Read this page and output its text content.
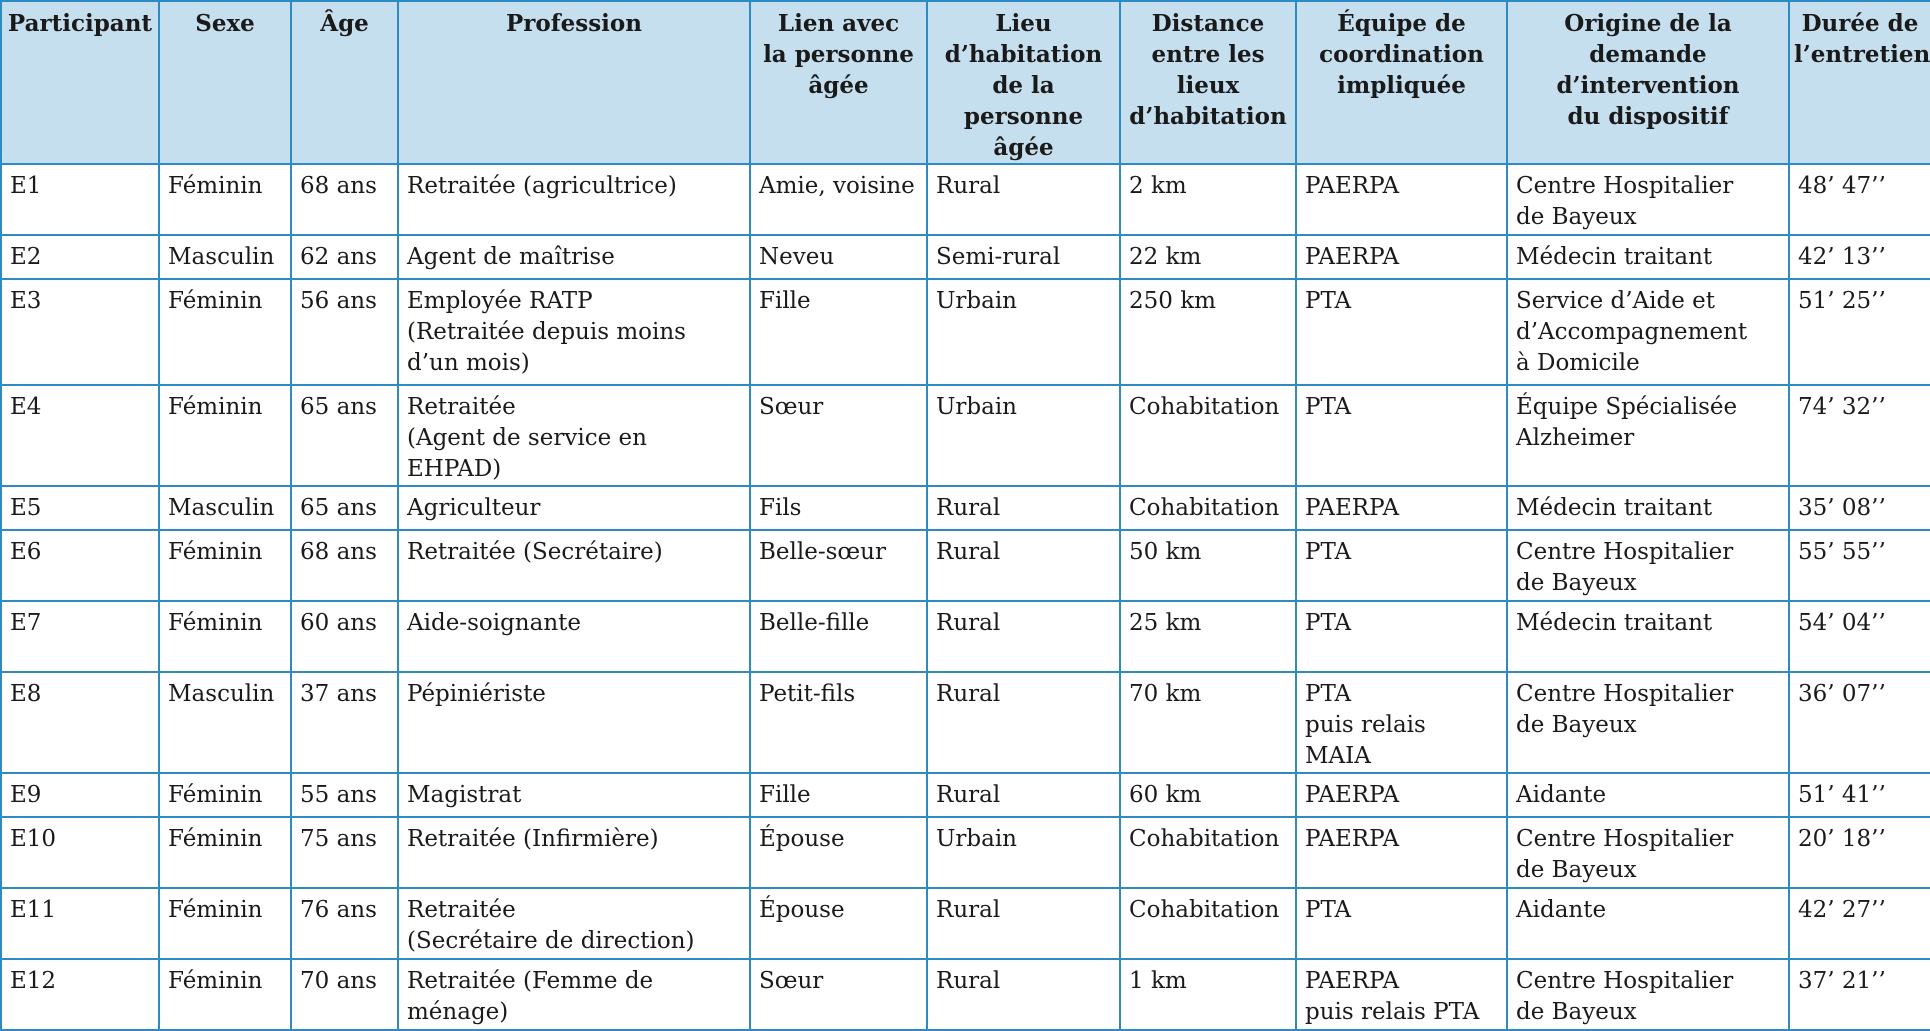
Participant	Sexe	Âge	Profession	Lien avec
la personne
âgée	Lieu
d’habitation
de la personne
âgée	Distance
entre les lieux
d’habitation	Équipe de
coordination
impliquée	Origine de la demande
d’intervention
du dispositif	Durée de
l’entretien

E1	Féminin	68 ans	Retraitée (agricultrice)	Amie, voisine	Rural	2 km	PAERPA	Centre Hospitalier
de Bayeux	48’ 47’’
E2	Masculin	62 ans	Agent de maîtrise	Neveu	Semi-rural	22 km	PAERPA	Médecin traitant	42’ 13’’
E3	Féminin	56 ans	Employée RATP
(Retraitée depuis moins
d’un mois)	Fille	Urbain	250 km	PTA	Service d’Aide et
d’Accompagnement
à Domicile	51’ 25’’
E4	Féminin	65 ans	Retraitée
(Agent de service en EHPAD)	Sœur	Urbain	Cohabitation	PTA	Équipe Spécialisée
Alzheimer	74’ 32’’
E5	Masculin	65 ans	Agriculteur	Fils	Rural	Cohabitation	PAERPA	Médecin traitant	35’ 08’’
E6	Féminin	68 ans	Retraitée (Secrétaire)	Belle-sœur	Rural	50 km	PTA	Centre Hospitalier
de Bayeux	55’ 55’’
E7	Féminin	60 ans	Aide-soignante	Belle-fille	Rural	25 km	PTA	Médecin traitant	54’ 04’’
E8	Masculin	37 ans	Pépiniériste	Petit-fils	Rural	70 km	PTA
puis relais MAIA	Centre Hospitalier
de Bayeux	36’ 07’’
E9	Féminin	55 ans	Magistrat	Fille	Rural	60 km	PAERPA	Aidante	51’ 41’’
E10	Féminin	75 ans	Retraitée (Infirmière)	Épouse	Urbain	Cohabitation	PAERPA	Centre Hospitalier
de Bayeux	20’ 18’’
E11	Féminin	76 ans	Retraitée
(Secrétaire de direction)	Épouse	Rural	Cohabitation	PTA	Aidante	42’ 27’’
E12	Féminin	70 ans	Retraitée (Femme de ménage)	Sœur	Rural	1 km	PAERPA
puis relais PTA	Centre Hospitalier
de Bayeux	37’ 21’’
